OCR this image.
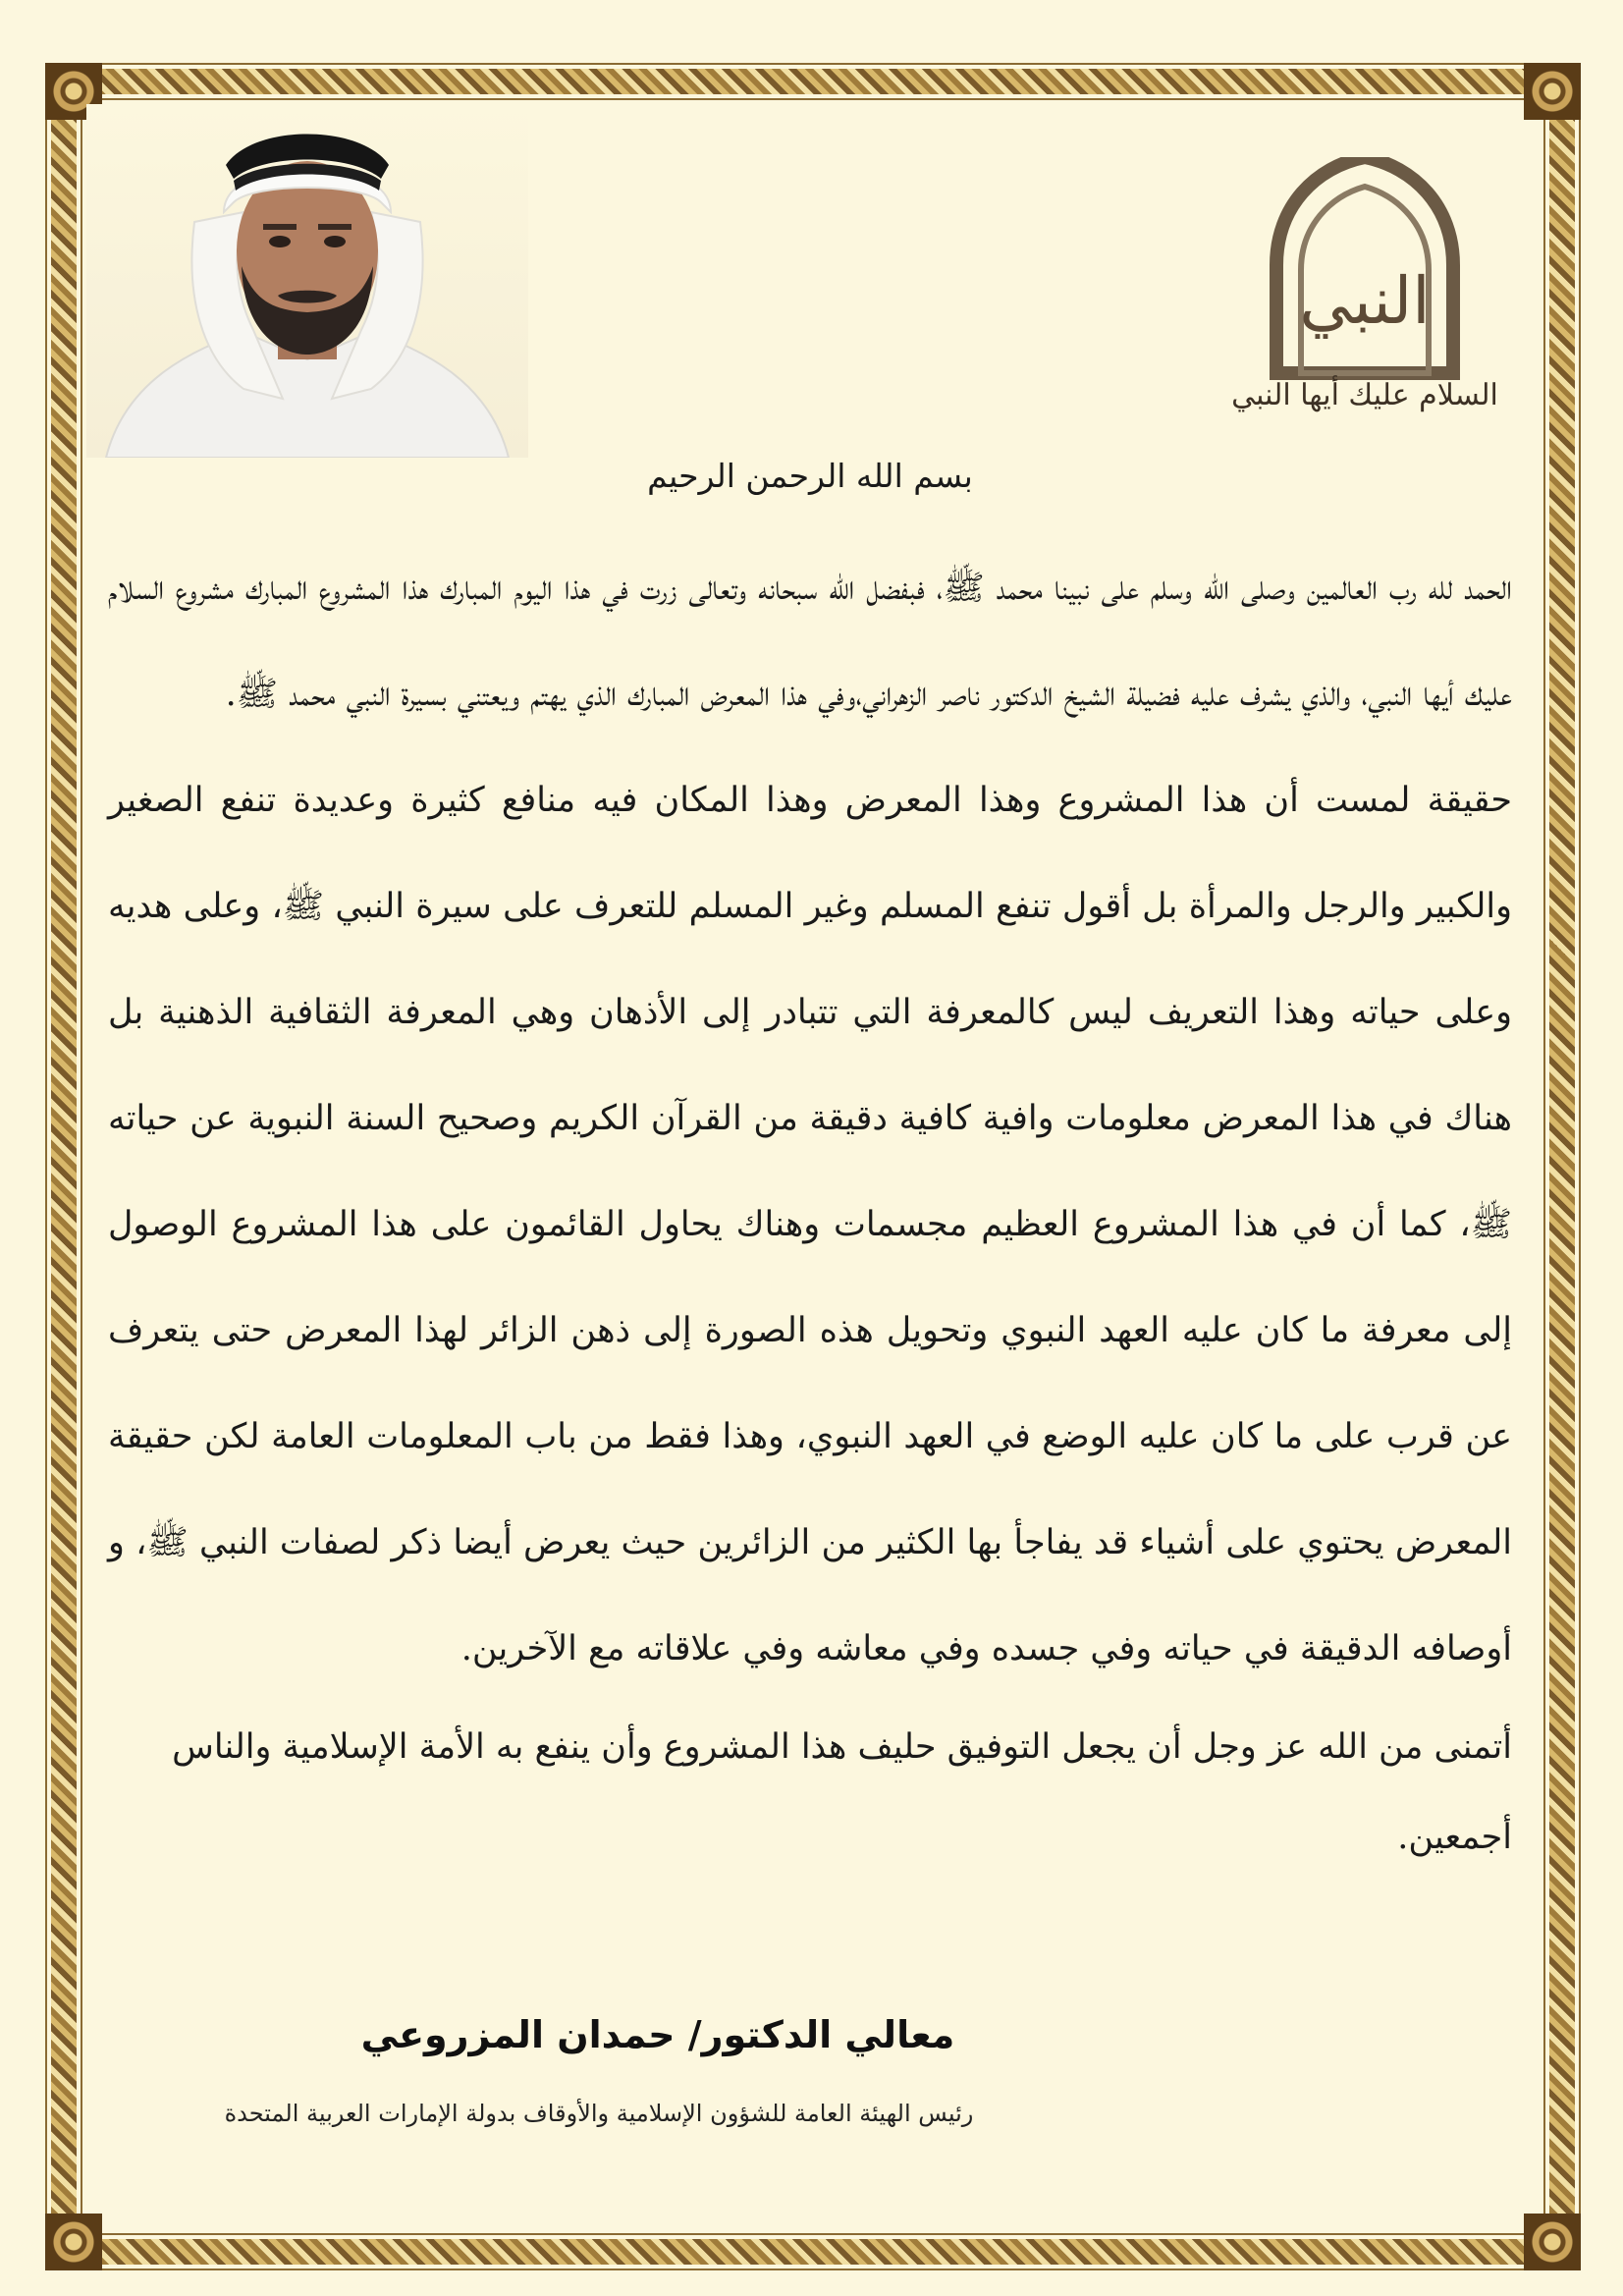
النبي
السلام عليك أيها النبي

بسم الله الرحمن الرحيم

الحمد لله رب العالمين وصلى الله وسلم على نبينا محمد ﷺ، فبفضل الله سبحانه وتعالى زرت في هذا اليوم المبارك هذا المشروع المبارك مشروع السلام عليك أيها النبي، والذي يشرف عليه فضيلة الشيخ الدكتور ناصر الزهراني،وفي هذا المعرض المبارك الذي يهتم ويعتني بسيرة النبي محمد ﷺ.

حقيقة لمست أن هذا المشروع وهذا المعرض وهذا المكان فيه منافع كثيرة وعديدة تنفع الصغير والكبير والرجل والمرأة بل أقول تنفع المسلم وغير المسلم للتعرف على سيرة النبي ﷺ، وعلى هديه وعلى حياته وهذا التعريف ليس كالمعرفة التي تتبادر إلى الأذهان وهي المعرفة الثقافية الذهنية بل هناك في هذا المعرض معلومات وافية كافية دقيقة من القرآن الكريم وصحيح السنة النبوية عن حياته ﷺ، كما أن في هذا المشروع العظيم مجسمات وهناك يحاول القائمون على هذا المشروع الوصول إلى معرفة ما كان عليه العهد النبوي وتحويل هذه الصورة إلى ذهن الزائر لهذا المعرض حتى يتعرف عن قرب على ما كان عليه الوضع في العهد النبوي، وهذا فقط من باب المعلومات العامة لكن حقيقة المعرض يحتوي على أشياء قد يفاجأ بها الكثير من الزائرين حيث يعرض أيضا ذكر لصفات النبي ﷺ، و أوصافه الدقيقة في حياته وفي جسده وفي معاشه وفي علاقاته مع الآخرين.

أتمنى من الله عز وجل أن يجعل التوفيق حليف هذا المشروع وأن ينفع به الأمة الإسلامية والناس أجمعين.

معالي الدكتور/ حمدان المزروعي
رئيس الهيئة العامة للشؤون الإسلامية والأوقاف بدولة الإمارات العربية المتحدة
